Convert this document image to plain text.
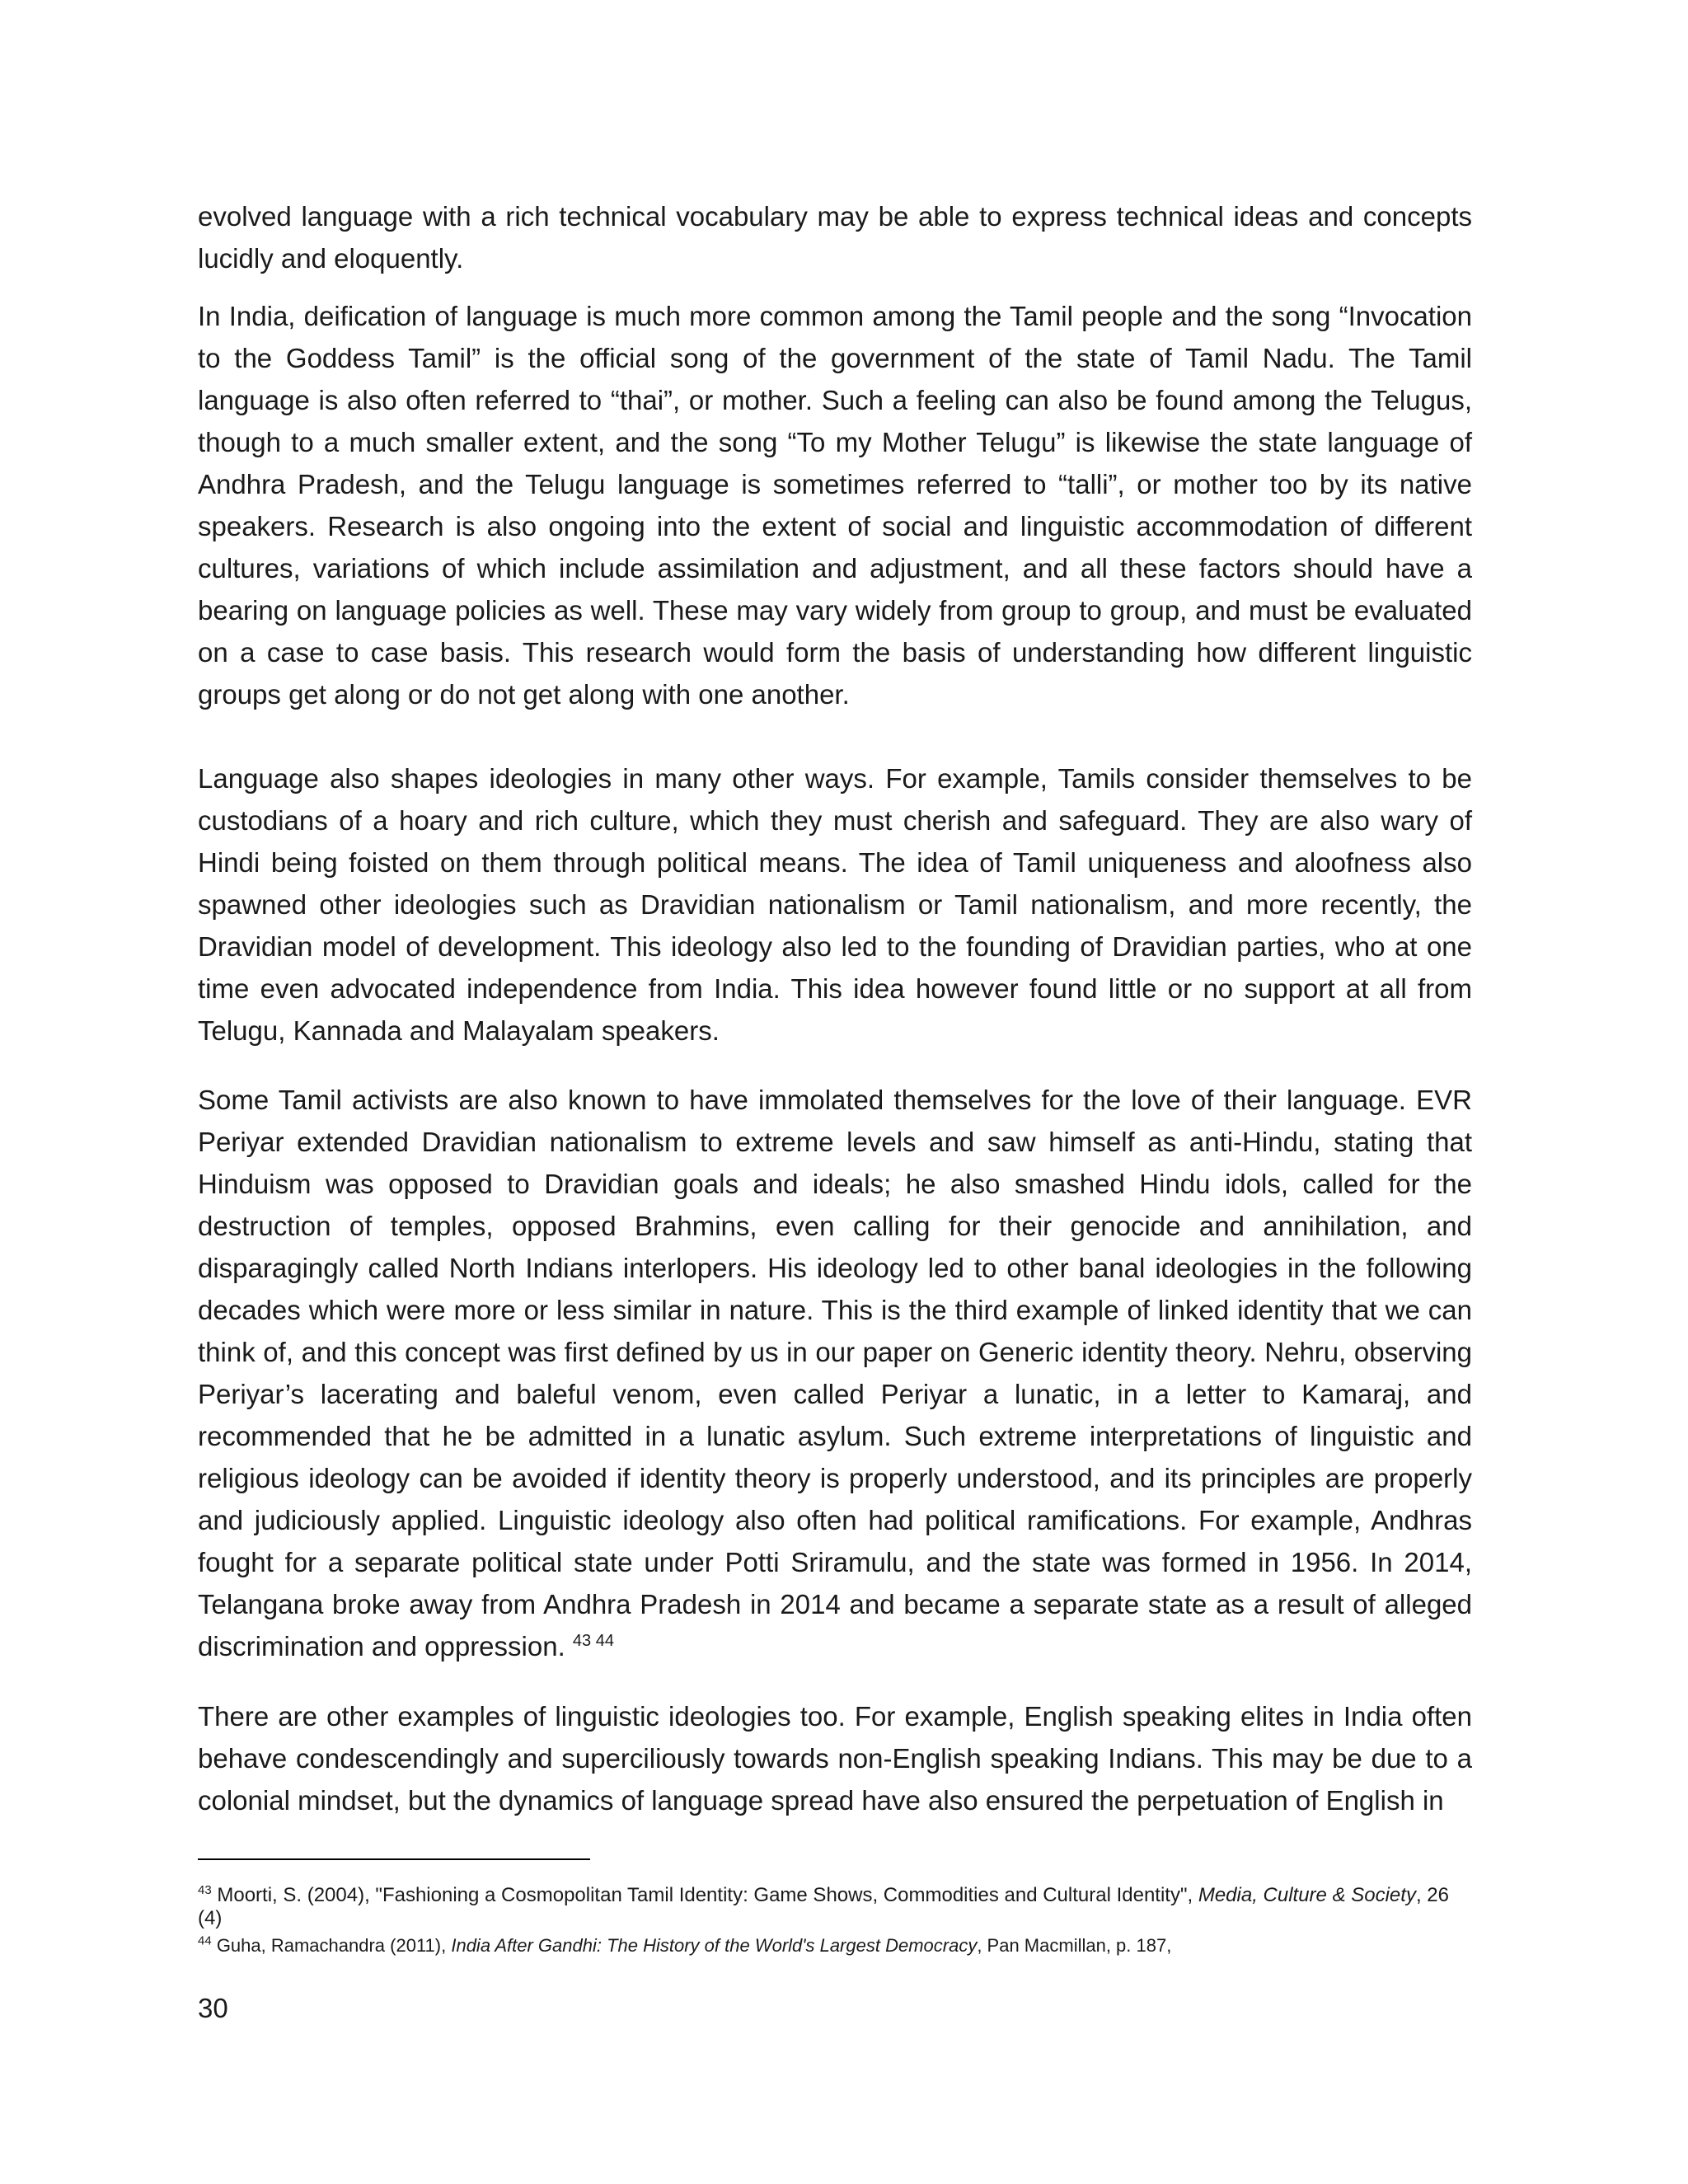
evolved language with a rich technical vocabulary may be able to express technical ideas and concepts lucidly and eloquently.

In India, deification of language is much more common among the Tamil people and the song “Invocation to the Goddess Tamil” is the official song of the government of the state of Tamil Nadu. The Tamil language is also often referred to “thai”, or mother. Such a feeling can also be found among the Telugus, though to a much smaller extent, and the song “To my Mother Telugu” is likewise the state language of Andhra Pradesh, and the Telugu language is sometimes referred to “talli”, or mother too by its native speakers. Research is also ongoing into the extent of social and linguistic accommodation of different cultures, variations of which include assimilation and adjustment, and all these factors should have a bearing on language policies as well. These may vary widely from group to group, and must be evaluated on a case to case basis. This research would form the basis of understanding how different linguistic groups get along or do not get along with one another.

Language also shapes ideologies in many other ways. For example, Tamils consider themselves to be custodians of a hoary and rich culture, which they must cherish and safeguard. They are also wary of Hindi being foisted on them through political means. The idea of Tamil uniqueness and aloofness also spawned other ideologies such as Dravidian nationalism or Tamil nationalism, and more recently, the Dravidian model of development. This ideology also led to the founding of Dravidian parties, who at one time even advocated independence from India. This idea however found little or no support at all from Telugu, Kannada and Malayalam speakers.

Some Tamil activists are also known to have immolated themselves for the love of their language. EVR Periyar extended Dravidian nationalism to extreme levels and saw himself as anti-Hindu, stating that Hinduism was opposed to Dravidian goals and ideals; he also smashed Hindu idols, called for the destruction of temples, opposed Brahmins, even calling for their genocide and annihilation, and disparagingly called North Indians interlopers. His ideology led to other banal ideologies in the following decades which were more or less similar in nature. This is the third example of linked identity that we can think of, and this concept was first defined by us in our paper on Generic identity theory. Nehru, observing Periyar’s lacerating and baleful venom, even called Periyar a lunatic, in a letter to Kamaraj, and recommended that he be admitted in a lunatic asylum. Such extreme interpretations of linguistic and religious ideology can be avoided if identity theory is properly understood, and its principles are properly and judiciously applied. Linguistic ideology also often had political ramifications. For example, Andhras fought for a separate political state under Potti Sriramulu, and the state was formed in 1956. In 2014, Telangana broke away from Andhra Pradesh in 2014 and became a separate state as a result of alleged discrimination and oppression. $^{43 44}$

There are other examples of linguistic ideologies too. For example, English speaking elites in India often behave condescendingly and superciliously towards non-English speaking Indians. This may be due to a colonial mindset, but the dynamics of language spread have also ensured the perpetuation of English in

$^{43}$ Moorti, S. (2004), "Fashioning a Cosmopolitan Tamil Identity: Game Shows, Commodities and Cultural Identity", Media, Culture & Society, 26 (4)

$^{44}$ Guha, Ramachandra (2011), India After Gandhi: The History of the World's Largest Democracy, Pan Macmillan, p. 187,

30
